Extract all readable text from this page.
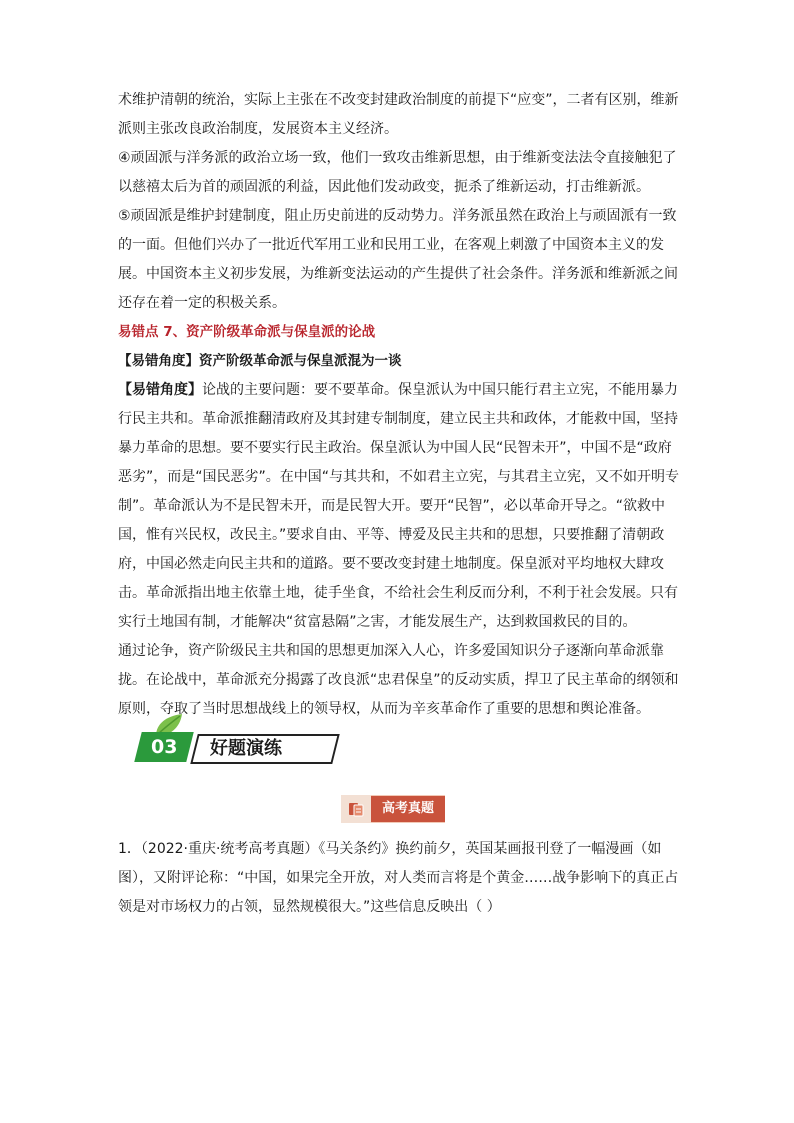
术维护清朝的统治，实际上主张在不改变封建政治制度的前提下“应变”，二者有区别，维新派则主张改良政治制度，发展资本主义经济。

④顽固派与洋务派的政治立场一致，他们一致攻击维新思想，由于维新变法法令直接触犯了以慈禧太后为首的顽固派的利益，因此他们发动政变，扼杀了维新运动，打击维新派。

⑤顽固派是维护封建制度，阻止历史前进的反动势力。洋务派虽然在政治上与顽固派有一致的一面。但他们兴办了一批近代军用工业和民用工业，在客观上刺激了中国资本主义的发展。中国资本主义初步发展，为维新变法运动的产生提供了社会条件。洋务派和维新派之间还存在着一定的积极关系。

易错点 7、资产阶级革命派与保皇派的论战

【易错角度】资产阶级革命派与保皇派混为一谈

【易错角度】论战的主要问题：要不要革命。保皇派认为中国只能行君主立宪，不能用暴力行民主共和。革命派推翻清政府及其封建专制制度，建立民主共和政体，才能救中国，坚持暴力革命的思想。要不要实行民主政治。保皇派认为中国人民“民智未开”，中国不是“政府恶劣”，而是“国民恶劣”。在中国“与其共和，不如君主立宪，与其君主立宪，又不如开明专制”。革命派认为不是民智未开，而是民智大开。要开“民智”，必以革命开导之。“欲救中国，惟有兴民权，改民主。”要求自由、平等、博爱及民主共和的思想，只要推翻了清朝政府，中国必然走向民主共和的道路。要不要改变封建土地制度。保皇派对平均地权大肆攻击。革命派指出地主依靠土地，徒手坐食，不给社会生利反而分利，不利于社会发展。只有实行土地国有制，才能解决“贫富悬隔”之害，才能发展生产，达到救国救民的目的。

通过论争，资产阶级民主共和国的思想更加深入人心，许多爱国知识分子逐渐向革命派靠拢。在论战中，革命派充分揭露了改良派“忠君保皇”的反动实质，捍卫了民主革命的纲领和原则，夺取了当时思想战线上的领导权，从而为辛亥革命作了重要的思想和舆论准备。

03	好题演练
高考真题

1．（2022·重庆·统考高考真题）《马关条约》换约前夕，英国某画报刊登了一幅漫画（如图），又附评论称：“中国，如果完全开放，对人类而言将是个黄金……战争影响下的真正占领是对市场权力的占领，显然规模很大。”这些信息反映出（ ）
